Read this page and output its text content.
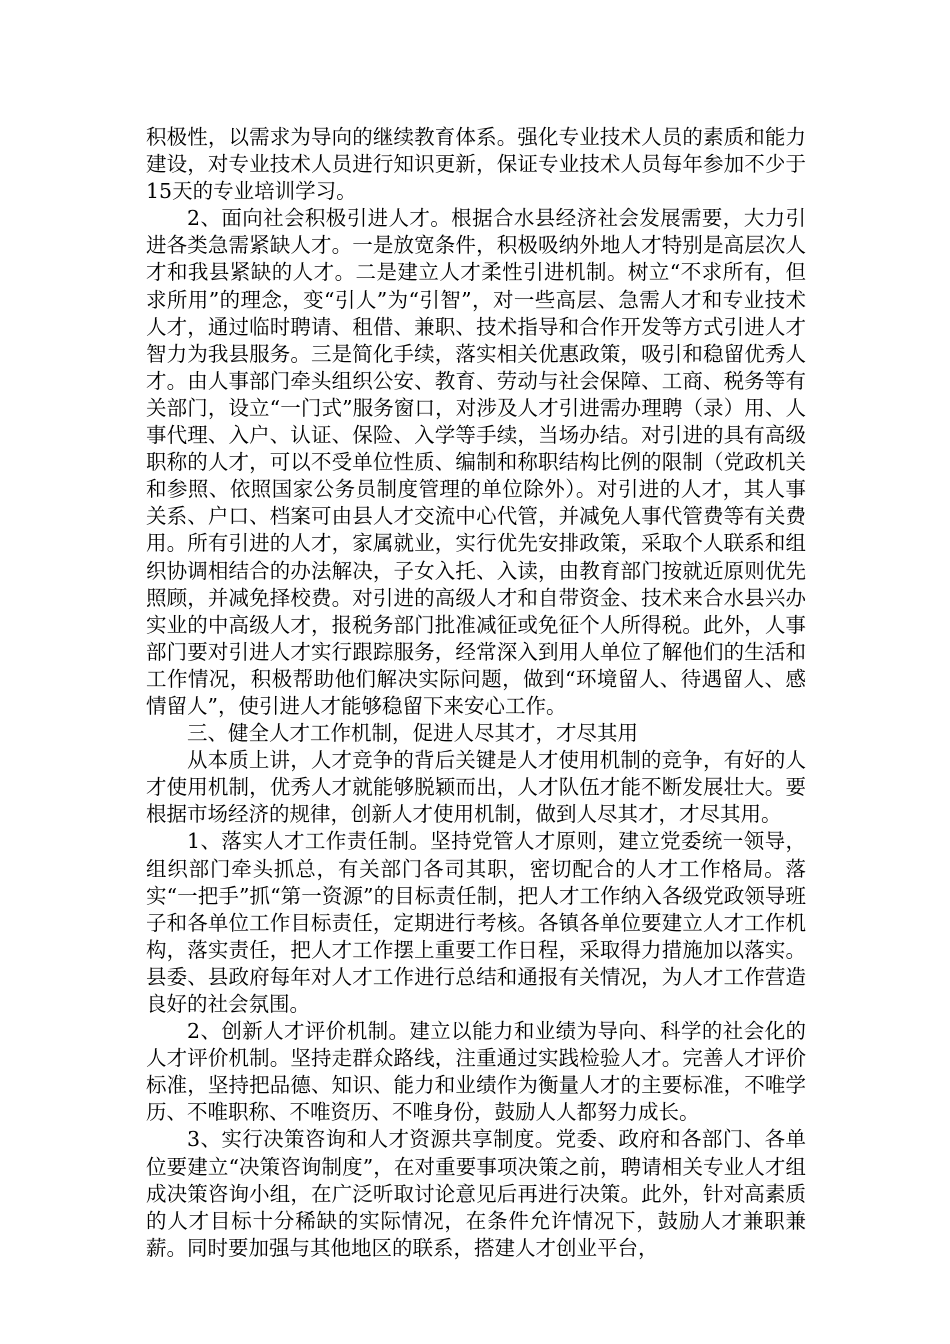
积极性，以需求为导向的继续教育体系。强化专业技术人员的素质和能力建设，对专业技术人员进行知识更新，保证专业技术人员每年参加不少于15天的专业培训学习。

2、面向社会积极引进人才。根据合水县经济社会发展需要，大力引进各类急需紧缺人才。一是放宽条件，积极吸纳外地人才特别是高层次人才和我县紧缺的人才。二是建立人才柔性引进机制。树立“不求所有，但求所用”的理念，变“引人”为“引智”，对一些高层、急需人才和专业技术人才，通过临时聘请、租借、兼职、技术指导和合作开发等方式引进人才智力为我县服务。三是简化手续，落实相关优惠政策，吸引和稳留优秀人才。由人事部门牵头组织公安、教育、劳动与社会保障、工商、税务等有关部门，设立“一门式”服务窗口，对涉及人才引进需办理聘（录）用、人事代理、入户、认证、保险、入学等手续，当场办结。对引进的具有高级职称的人才，可以不受单位性质、编制和称职结构比例的限制（党政机关和参照、依照国家公务员制度管理的单位除外）。对引进的人才，其人事关系、户口、档案可由县人才交流中心代管，并减免人事代管费等有关费用。所有引进的人才，家属就业，实行优先安排政策，采取个人联系和组织协调相结合的办法解决，子女入托、入读，由教育部门按就近原则优先照顾，并减免择校费。对引进的高级人才和自带资金、技术来合水县兴办实业的中高级人才，报税务部门批准减征或免征个人所得税。此外，人事部门要对引进人才实行跟踪服务，经常深入到用人单位了解他们的生活和工作情况，积极帮助他们解决实际问题，做到“环境留人、待遇留人、感情留人”，使引进人才能够稳留下来安心工作。

三、健全人才工作机制，促进人尽其才，才尽其用

从本质上讲，人才竞争的背后关键是人才使用机制的竞争，有好的人才使用机制，优秀人才就能够脱颖而出，人才队伍才能不断发展壮大。要根据市场经济的规律，创新人才使用机制，做到人尽其才，才尽其用。

1、落实人才工作责任制。坚持党管人才原则，建立党委统一领导，组织部门牵头抓总，有关部门各司其职，密切配合的人才工作格局。落实“一把手”抓“第一资源”的目标责任制，把人才工作纳入各级党政领导班子和各单位工作目标责任，定期进行考核。各镇各单位要建立人才工作机构，落实责任，把人才工作摆上重要工作日程，采取得力措施加以落实。县委、县政府每年对人才工作进行总结和通报有关情况，为人才工作营造良好的社会氛围。

2、创新人才评价机制。建立以能力和业绩为导向、科学的社会化的人才评价机制。坚持走群众路线，注重通过实践检验人才。完善人才评价标准，坚持把品德、知识、能力和业绩作为衡量人才的主要标准，不唯学历、不唯职称、不唯资历、不唯身份，鼓励人人都努力成长。

3、实行决策咨询和人才资源共享制度。党委、政府和各部门、各单位要建立“决策咨询制度”，在对重要事项决策之前，聘请相关专业人才组成决策咨询小组，在广泛听取讨论意见后再进行决策。此外，针对高素质的人才目标十分稀缺的实际情况，在条件允许情况下，鼓励人才兼职兼薪。同时要加强与其他地区的联系，搭建人才创业平台，
